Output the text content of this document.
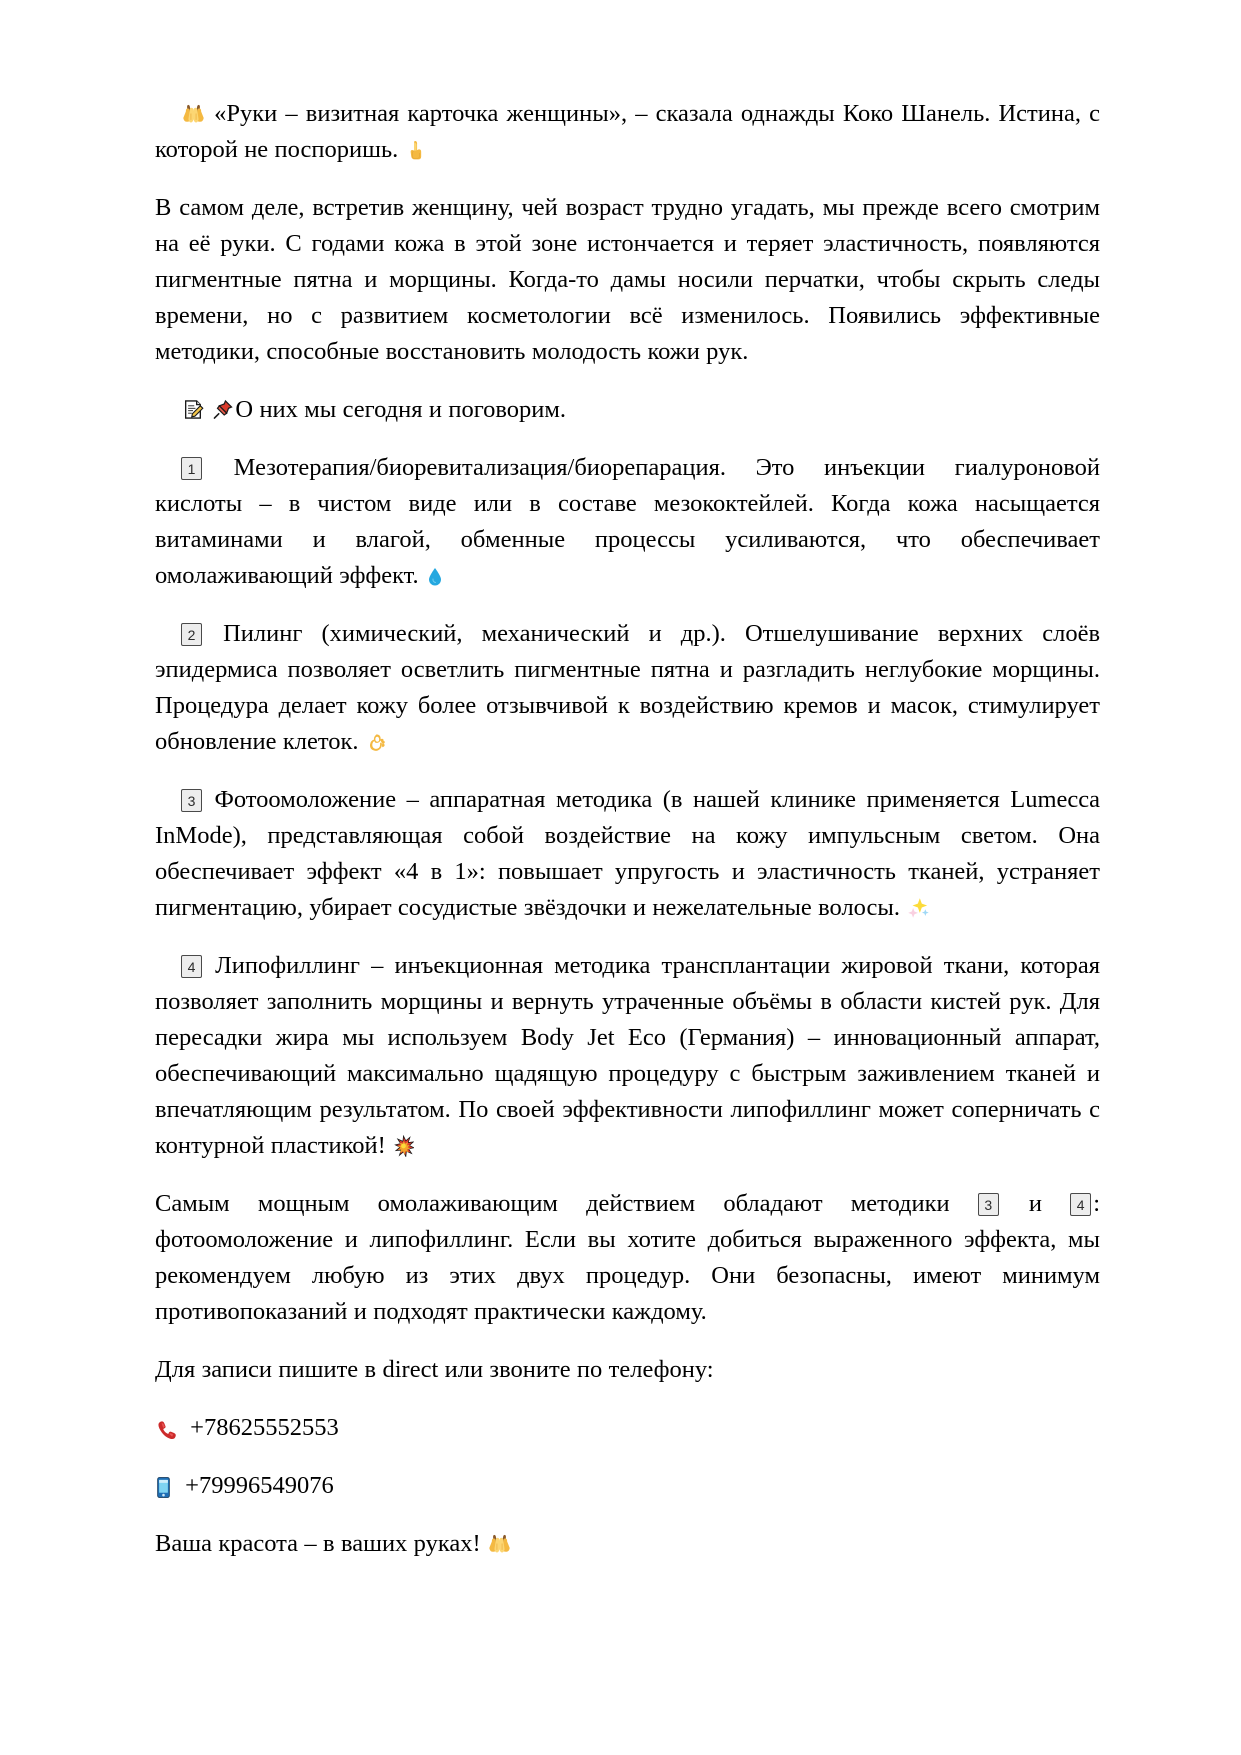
«Руки – визитная карточка женщины», – сказала однажды Коко Шанель. Истина, с которой не поспоришь.

В самом деле, встретив женщину, чей возраст трудно угадать, мы прежде всего смотрим на её руки. С годами кожа в этой зоне истончается и теряет эластичность, появляются пигментные пятна и морщины. Когда-то дамы носили перчатки, чтобы скрыть следы времени, но с развитием косметологии всё изменилось. Появились эффективные методики, способные восстановить молодость кожи рук.

О них мы сегодня и поговорим.

1 Мезотерапия/биоревитализация/биорепарация. Это инъекции гиалуроновой кислоты – в чистом виде или в составе мезококтейлей. Когда кожа насыщается витаминами и влагой, обменные процессы усиливаются, что обеспечивает омолаживающий эффект.

2 Пилинг (химический, механический и др.). Отшелушивание верхних слоёв эпидермиса позволяет осветлить пигментные пятна и разгладить неглубокие морщины. Процедура делает кожу более отзывчивой к воздействию кремов и масок, стимулирует обновление клеток.

3 Фотоомоложение – аппаратная методика (в нашей клинике применяется Lumecca InMode), представляющая собой воздействие на кожу импульсным светом. Она обеспечивает эффект «4 в 1»: повышает упругость и эластичность тканей, устраняет пигментацию, убирает сосудистые звёздочки и нежелательные волосы.

4 Липофиллинг – инъекционная методика трансплантации жировой ткани, которая позволяет заполнить морщины и вернуть утраченные объёмы в области кистей рук. Для пересадки жира мы используем Body Jet Eco (Германия) – инновационный аппарат, обеспечивающий максимально щадящую процедуру с быстрым заживлением тканей и впечатляющим результатом. По своей эффективности липофиллинг может соперничать с контурной пластикой!

Самым мощным омолаживающим действием обладают методики 3 и 4 : фотоомоложение и липофиллинг. Если вы хотите добиться выраженного эффекта, мы рекомендуем любую из этих двух процедур. Они безопасны, имеют минимум противопоказаний и подходят практически каждому.

Для записи пишите в direct или звоните по телефону:

+78625552553

+79996549076

Ваша красота – в ваших руках!
